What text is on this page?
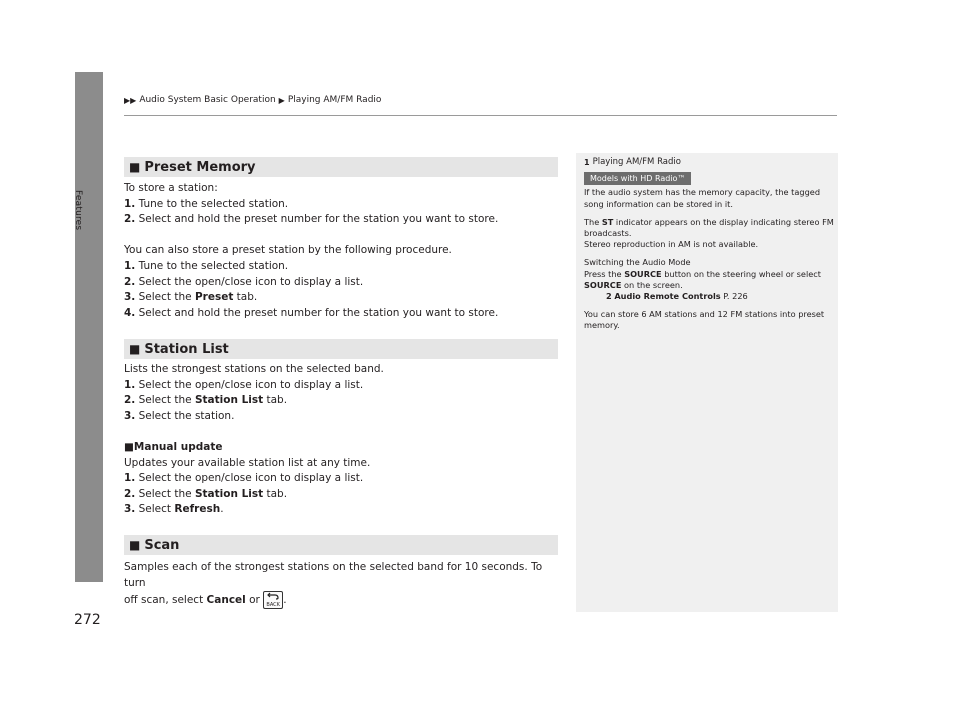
Features
▶▶ Audio System Basic Operation ▶ Playing AM/FM Radio
■ Preset Memory

To store a station:

1. Tune to the selected station.

2. Select and hold the preset number for the station you want to store.

You can also store a preset station by the following procedure.

1. Tune to the selected station.

2. Select the open/close icon to display a list.

3. Select the Preset tab.

4. Select and hold the preset number for the station you want to store.

■ Station List

Lists the strongest stations on the selected band.

1. Select the open/close icon to display a list.

2. Select the Station List tab.

3. Select the station.

■Manual update

Updates your available station list at any time.

1. Select the open/close icon to display a list.

2. Select the Station List tab.

3. Select Refresh.

■ Scan

Samples each of the strongest stations on the selected band for 10 seconds. To turn

off scan, select Cancel or
BACK .

1 Playing AM/FM Radio
Models with HD Radio™

If the audio system has the memory capacity, the tagged song information can be stored in it.

The ST indicator appears on the display indicating stereo FM broadcasts.

Stereo reproduction in AM is not available.

Switching the Audio Mode

Press the SOURCE button on the steering wheel or select SOURCE on the screen.

2 Audio Remote Controls P. 226

You can store 6 AM stations and 12 FM stations into preset memory.

272
